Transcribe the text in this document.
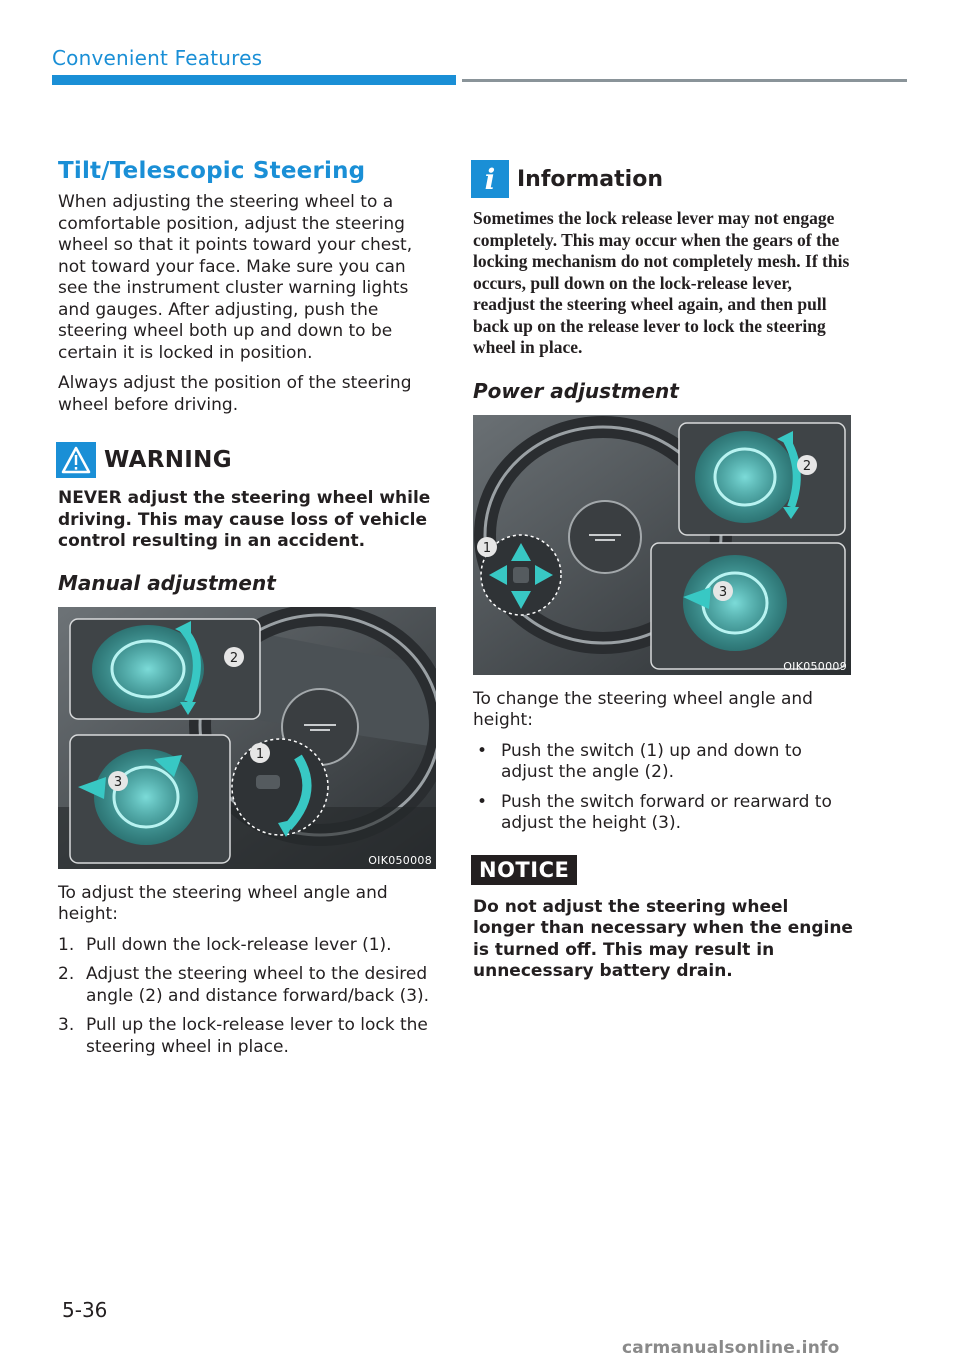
Convenient Features
Tilt/Telescopic Steering

When adjusting the steering wheel to a comfortable position, adjust the steering wheel so that it points toward your chest, not toward your face. Make sure you can see the instrument cluster warning lights and gauges. After adjusting, push the steering wheel both up and down to be certain it is locked in position.

Always adjust the position of the steering wheel before driving.

WARNING

NEVER adjust the steering wheel while driving. This may cause loss of vehicle control resulting in an accident.

Manual adjustment
1
2
3
OIK050008

To adjust the steering wheel angle and height:

1. Pull down the lock-release lever (1).
2. Adjust the steering wheel to the desired angle (2) and distance forward/back (3).
3. Pull up the lock-release lever to lock the steering wheel in place.
i Information

Sometimes the lock release lever may not engage completely. This may occur when the gears of the locking mechanism do not completely mesh. If this occurs, pull down on the lock-release lever, readjust the steering wheel again, and then pull back up on the release lever to lock the steering wheel in place.

Power adjustment
1
2
3
OIK050009

To change the steering wheel angle and height:

• Push the switch (1) up and down to adjust the angle (2).
• Push the switch forward or rearward to adjust the height (3).
NOTICE

Do not adjust the steering wheel longer than necessary when the engine is turned off. This may result in unnecessary battery drain.

5-36
carmanualsonline.info
